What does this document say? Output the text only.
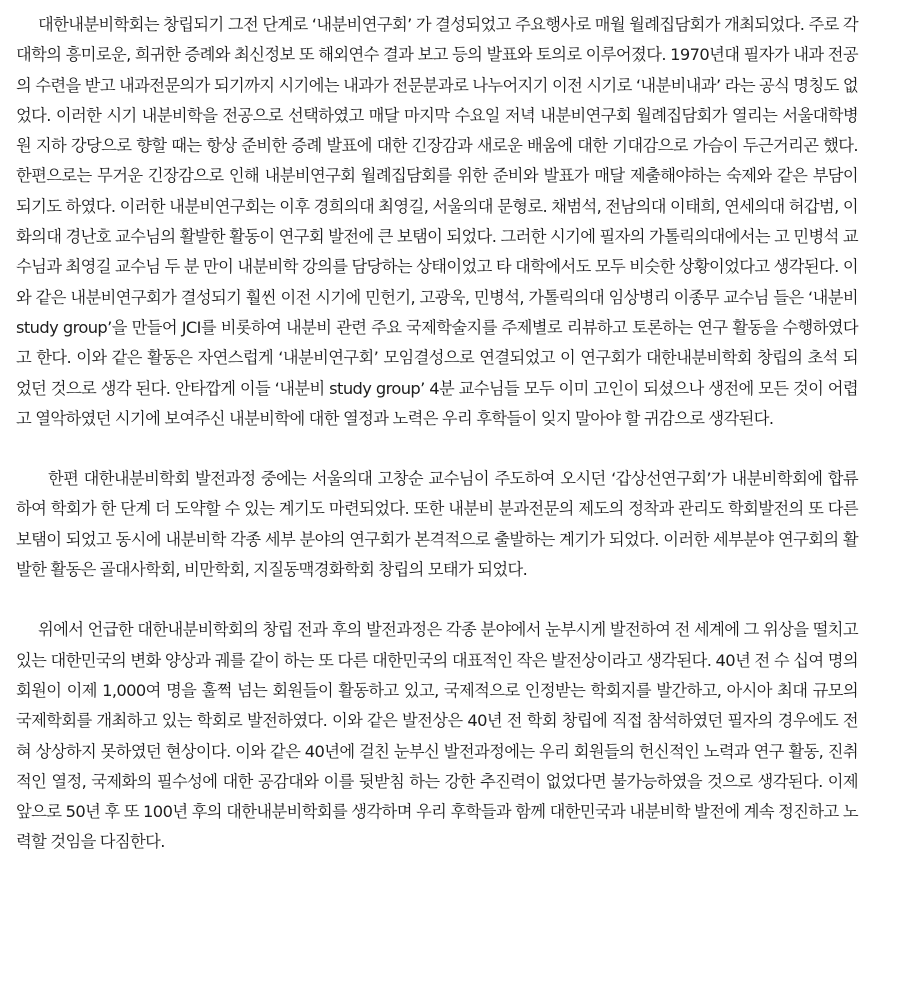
대한내분비학회는 창립되기 그전 단계로 ‘내분비연구회’ 가 결성되었고 주요행사로 매월 월례집담회가 개최되었다. 주로 각 대학의 흥미로운, 희귀한 증례와 최신정보 또 해외연수 결과 보고 등의 발표와 토의로 이루어졌다. 1970년대 필자가 내과 전공의 수련을 받고 내과전문의가 되기까지 시기에는 내과가 전문분과로 나누어지기 이전 시기로 ‘내분비내과’ 라는 공식 명칭도 없었다. 이러한 시기 내분비학을 전공으로 선택하였고 매달 마지막 수요일 저녁 내분비연구회 월례집담회가 열리는 서울대학병원 지하 강당으로 향할 때는 항상 준비한 증례 발표에 대한 긴장감과 새로운 배움에 대한 기대감으로 가슴이 두근거리곤 했다. 한편으로는 무거운 긴장감으로 인해 내분비연구회 월례집담회를 위한 준비와 발표가 매달 제출해야하는 숙제와 같은 부담이 되기도 하였다. 이러한 내분비연구회는 이후 경희의대 최영길, 서울의대 문형로. 채범석, 전남의대 이태희, 연세의대 허갑범, 이화의대 경난호 교수님의 활발한 활동이 연구회 발전에 큰 보탬이 되었다. 그러한 시기에 필자의 가톨릭의대에서는 고 민병석 교수님과 최영길 교수님 두 분 만이 내분비학 강의를 담당하는 상태이었고 타 대학에서도 모두 비슷한 상황이었다고 생각된다. 이와 같은 내분비연구회가 결성되기 훨씬 이전 시기에 민헌기, 고광욱, 민병석, 가톨릭의대 임상병리 이종무 교수님 들은 ‘내분비 study group’을 만들어 JCI를 비롯하여 내분비 관련 주요 국제학술지를 주제별로 리뷰하고 토론하는 연구 활동을 수행하였다고 한다. 이와 같은 활동은 자연스럽게 ‘내분비연구회’ 모임결성으로 연결되었고 이 연구회가 대한내분비학회 창립의 초석 되었던 것으로 생각 된다. 안타깝게 이들 ‘내분비 study group’ 4분 교수님들 모두 이미 고인이 되셨으나 생전에 모든 것이 어렵고 열악하였던 시기에 보여주신 내분비학에 대한 열정과 노력은 우리 후학들이 잊지 말아야 할 귀감으로 생각된다.

한편 대한내분비학회 발전과정 중에는 서울의대 고창순 교수님이 주도하여 오시던 ‘갑상선연구회’가 내분비학회에 합류하여 학회가 한 단계 더 도약할 수 있는 계기도 마련되었다. 또한 내분비 분과전문의 제도의 정착과 관리도 학회발전의 또 다른 보탬이 되었고 동시에 내분비학 각종 세부 분야의 연구회가 본격적으로 출발하는 계기가 되었다. 이러한 세부분야 연구회의 활발한 활동은 골대사학회, 비만학회, 지질동맥경화학회 창립의 모태가 되었다.

위에서 언급한 대한내분비학회의 창립 전과 후의 발전과정은 각종 분야에서 눈부시게 발전하여 전 세계에 그 위상을 떨치고 있는 대한민국의 변화 양상과 궤를 같이 하는 또 다른 대한민국의 대표적인 작은 발전상이라고 생각된다. 40년 전 수 십여 명의 회원이 이제 1,000여 명을 훌쩍 넘는 회원들이 활동하고 있고, 국제적으로 인정받는 학회지를 발간하고, 아시아 최대 규모의 국제학회를 개최하고 있는 학회로 발전하였다. 이와 같은 발전상은 40년 전 학회 창립에 직접 참석하였던 필자의 경우에도 전혀 상상하지 못하였던 현상이다. 이와 같은 40년에 걸친 눈부신 발전과정에는 우리 회원들의 헌신적인 노력과 연구 활동, 진취적인 열정, 국제화의 필수성에 대한 공감대와 이를 뒷받침 하는 강한 추진력이 없었다면 불가능하였을 것으로 생각된다. 이제 앞으로 50년 후 또 100년 후의 대한내분비학회를 생각하며 우리 후학들과 함께 대한민국과 내분비학 발전에 계속 정진하고 노력할 것임을 다짐한다.
